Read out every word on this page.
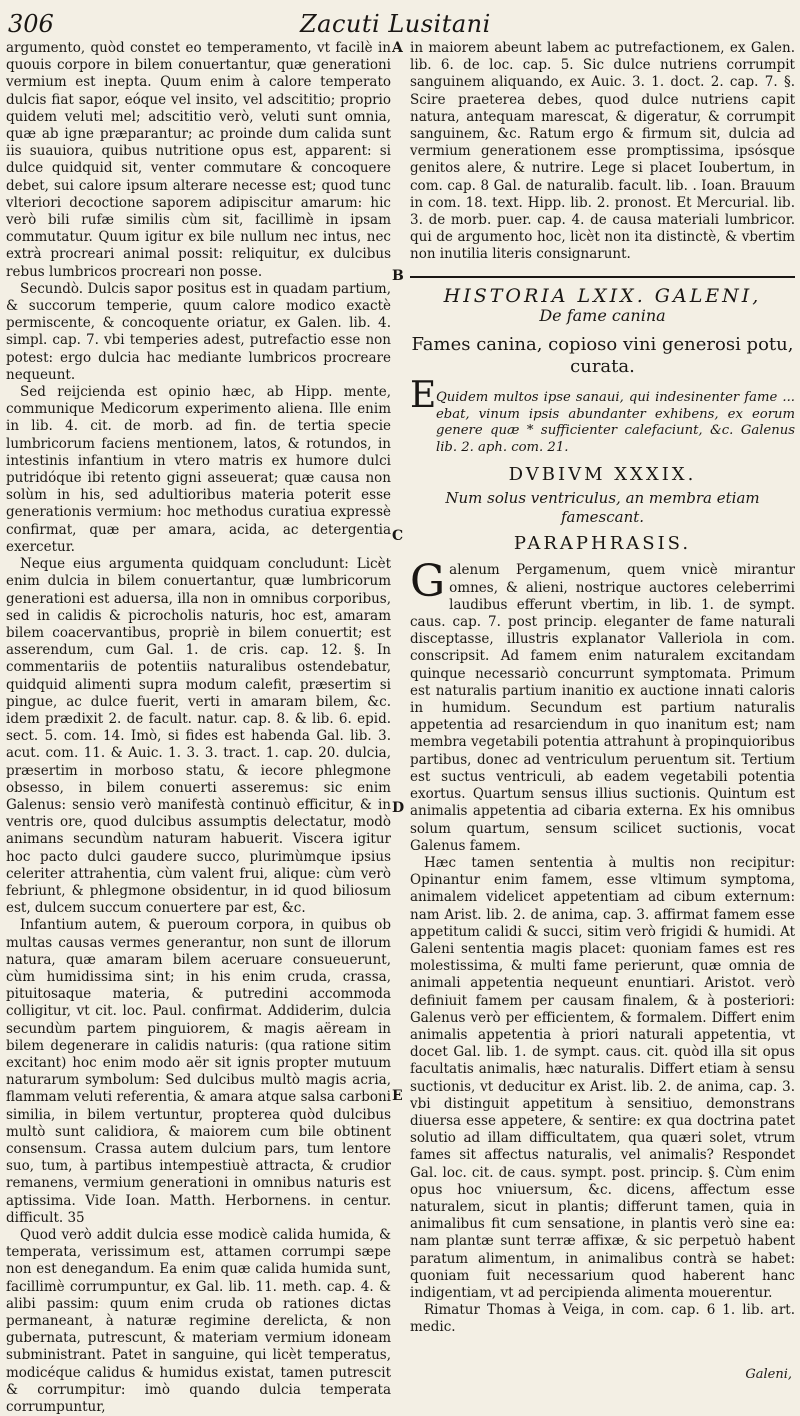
306	Zacuti Lusitani
A
B
C
D
E

argumento, quòd constet eo temperamento, vt facilè in quouis corpore in bilem conuertantur, quæ generationi vermium est inepta. Quum enim à calore temperato dulcis fiat sapor, eóque vel insito, vel adscititio; proprio quidem veluti mel; adscititio verò, veluti sunt omnia, quæ ab igne præparantur; ac proinde dum calida sunt iis suauiora, quibus nutritione opus est, apparent: si dulce quidquid sit, venter commutare & concoquere debet, sui calore ipsum alterare necesse est; quod tunc vlteriori decoctione saporem adipiscitur amarum: hic verò bili rufæ similis cùm sit, facillimè in ipsam commutatur. Quum igitur ex bile nullum nec intus, nec extrà procreari animal possit: reliquitur, ex dulcibus rebus lumbricos procreari non posse.

Secundò. Dulcis sapor positus est in quadam partium, & succorum temperie, quum calore modico exactè permiscente, & concoquente oriatur, ex Galen. lib. 4. simpl. cap. 7. vbi temperies adest, putrefactio esse non potest: ergo dulcia hac mediante lumbricos procreare nequeunt.

Sed reijcienda est opinio hæc, ab Hipp. mente, communique Medicorum experimento aliena. Ille enim in lib. 4. cit. de morb. ad fin. de tertia specie lumbricorum faciens mentionem, latos, & rotundos, in intestinis infantium in vtero matris ex humore dulci putridóque ibi retento gigni asseuerat; quæ causa non solùm in his, sed adultioribus materia poterit esse generationis vermium: hoc methodus curatiua expressè confirmat, quæ per amara, acida, ac detergentia exercetur.

Neque eius argumenta quidquam concludunt: Licèt enim dulcia in bilem conuertantur, quæ lumbricorum generationi est aduersa, illa non in omnibus corporibus, sed in calidis & picrocholis naturis, hoc est, amaram bilem coacervantibus, propriè in bilem conuertit; est asserendum, cum Gal. 1. de cris. cap. 12. §. In commentariis de potentiis naturalibus ostendebatur, quidquid alimenti supra modum calefit, præsertim si pingue, ac dulce fuerit, verti in amaram bilem, &c. idem prædixit 2. de facult. natur. cap. 8. & lib. 6. epid. sect. 5. com. 14. Imò, si fides est habenda Gal. lib. 3. acut. com. 11. & Auic. 1. 3. 3. tract. 1. cap. 20. dulcia, præsertim in morboso statu, & iecore phlegmone obsesso, in bilem conuerti asseremus: sic enim Galenus: sensio verò manifestà continuò efficitur, & in ventris ore, quod dulcibus assumptis delectatur, modò animans secundùm naturam habuerit. Viscera igitur hoc pacto dulci gaudere succo, plurimùmque ipsius celeriter attrahentia, cùm valent frui, alique: cùm verò febriunt, & phlegmone obsidentur, in id quod biliosum est, dulcem succum conuertere par est, &c.

Infantium autem, & pueroum corpora, in quibus ob multas causas vermes generantur, non sunt de illorum natura, quæ amaram bilem aceruare consueuerunt, cùm humidissima sint; in his enim cruda, crassa, pituitosaque materia, & putredini accommoda colligitur, vt cit. loc. Paul. confirmat. Addiderim, dulcia secundùm partem pinguiorem, & magis aëream in bilem degenerare in calidis naturis: (qua ratione sitim excitant) hoc enim modo aër sit ignis propter mutuum naturarum symbolum: Sed dulcibus multò magis acria, flammam veluti referentia, & amara atque salsa carboni similia, in bilem vertuntur, propterea quòd dulcibus multò sunt calidiora, & maiorem cum bile obtinent consensum. Crassa autem dulcium pars, tum lentore suo, tum, à partibus intempestiuè attracta, & crudior remanens, vermium generationi in omnibus naturis est aptissima. Vide Ioan. Matth. Herbornens. in centur. difficult. 35

Quod verò addit dulcia esse modicè calida humida, & temperata, verissimum est, attamen corrumpi sæpe non est denegandum. Ea enim quæ calida humida sunt, facillimè corrumpuntur, ex Gal. lib. 11. meth. cap. 4. & alibi passim: quum enim cruda ob rationes dictas permaneant, à naturæ regimine derelicta, & non gubernata, putrescunt, & materiam vermium idoneam subministrant. Patet in sanguine, qui licèt temperatus, modicéque calidus & humidus existat, tamen putrescit & corrumpitur: imò quando dulcia temperata corrumpuntur,

in maiorem abeunt labem ac putrefactionem, ex Galen. lib. 6. de loc. cap. 5. Sic dulce nutriens corrumpit sanguinem aliquando, ex Auic. 3. 1. doct. 2. cap. 7. §. Scire praeterea debes, quod dulce nutriens capit natura, antequam marescat, & digeratur, & corrumpit sanguinem, &c. Ratum ergo & firmum sit, dulcia ad vermium generationem esse promptissima, ipsósque genitos alere, & nutrire. Lege si placet Ioubertum, in com. cap. 8 Gal. de naturalib. facult. lib. . Ioan. Brauum in com. 18. text. Hipp. lib. 2. pronost. Et Mercurial. lib. 3. de morb. puer. cap. 4. de causa materiali lumbricor. qui de argumento hoc, licèt non ita distinctè, & vbertim non inutilia literis consignarunt.

HISTORIA LXIX. GALENI,
De fame canina
Fames canina, copioso vini generosi potu, curata.
E Quidem multos ipse sanaui, qui indesinenter fame ... ebat, vinum ipsis abundanter exhibens, ex eorum genere quæ * sufficienter calefaciunt, &c. Galenus lib. 2. aph. com. 21.
DVBIVM XXXIX.
Num solus ventriculus, an membra etiam famescant.
PARAPHRASIS.

Galenum Pergamenum, quem vnicè mirantur omnes, & alieni, nostrique auctores celeberrimi laudibus efferunt vbertim, in lib. 1. de sympt. caus. cap. 7. post princip. eleganter de fame naturali disceptasse, illustris explanator Valleriola in com. conscripsit. Ad famem enim naturalem excitandam quinque necessariò concurrunt symptomata. Primum est naturalis partium inanitio ex auctione innati caloris in humidum. Secundum est partium naturalis appetentia ad resarciendum in quo inanitum est; nam membra vegetabili potentia attrahunt à propinquioribus partibus, donec ad ventriculum peruentum sit. Tertium est suctus ventriculi, ab eadem vegetabili potentia exortus. Quartum sensus illius suctionis. Quintum est animalis appetentia ad cibaria externa. Ex his omnibus solum quartum, sensum scilicet suctionis, vocat Galenus famem.

Hæc tamen sententia à multis non recipitur: Opinantur enim famem, esse vltimum symptoma, animalem videlicet appetentiam ad cibum externum: nam Arist. lib. 2. de anima, cap. 3. affirmat famem esse appetitum calidi & succi, sitim verò frigidi & humidi. At Galeni sententia magis placet: quoniam fames est res molestissima, & multi fame perierunt, quæ omnia de animali appetentia nequeunt enuntiari. Aristot. verò definiuit famem per causam finalem, & à posteriori: Galenus verò per efficientem, & formalem. Differt enim animalis appetentia à priori naturali appetentia, vt docet Gal. lib. 1. de sympt. caus. cit. quòd illa sit opus facultatis animalis, hæc naturalis. Differt etiam à sensu suctionis, vt deducitur ex Arist. lib. 2. de anima, cap. 3. vbi distinguit appetitum à sensitiuo, demonstrans diuersa esse appetere, & sentire: ex qua doctrina patet solutio ad illam difficultatem, qua quæri solet, vtrum fames sit affectus naturalis, vel animalis? Respondet Gal. loc. cit. de caus. sympt. post. princip. §. Cùm enim opus hoc vniuersum, &c. dicens, affectum esse naturalem, sicut in plantis; differunt tamen, quia in animalibus fit cum sensatione, in plantis verò sine ea: nam plantæ sunt terræ affixæ, & sic perpetuò habent paratum alimentum, in animalibus contrà se habet: quoniam fuit necessarium quod haberent hanc indigentiam, vt ad percipienda alimenta mouerentur.

Rimatur Thomas à Veiga, in com. cap. 6 1. lib. art. medic.

Galeni,
